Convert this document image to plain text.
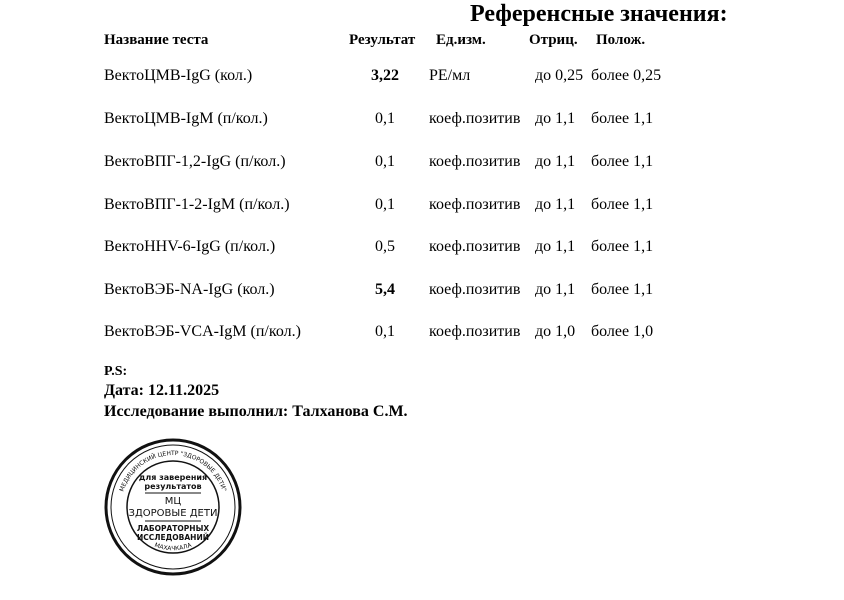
Референсные значения:
Название теста	Результат Ед.изм.	Отриц. Полож.
ВектоЦМВ-IgG (кол.)	3,22	РЕ/мл	до 0,25 более 0,25
ВектоЦМВ-IgM (п/кол.)	0,1	коеф.позитив до 1,1 более 1,1
ВектоВПГ-1,2-IgG (п/кол.)	0,1	коеф.позитив до 1,1 более 1,1
ВектоВПГ-1-2-IgM (п/кол.)	0,1	коеф.позитив до 1,1 более 1,1
ВектоHHV-6-IgG (п/кол.)	0,5	коеф.позитив до 1,1 более 1,1
ВектоВЭБ-NA-IgG (кол.)	5,4	коеф.позитив до 1,1 более 1,1
ВектоВЭБ-VCA-IgM (п/кол.)	0,1	коеф.позитив до 1,0 более 1,0
P.S:
Дата: 12.11.2025
Исследование выполнил: Талханова С.М.
МЕДИЦИНСКИЙ ЦЕНТР "ЗДОРОВЫЕ ДЕТИ"
МАХАЧКАЛА
для заверения
результатов
МЦ
ЗДОРОВЫЕ ДЕТИ
ЛАБОРАТОРНЫХ
ИССЛЕДОВАНИЙ
